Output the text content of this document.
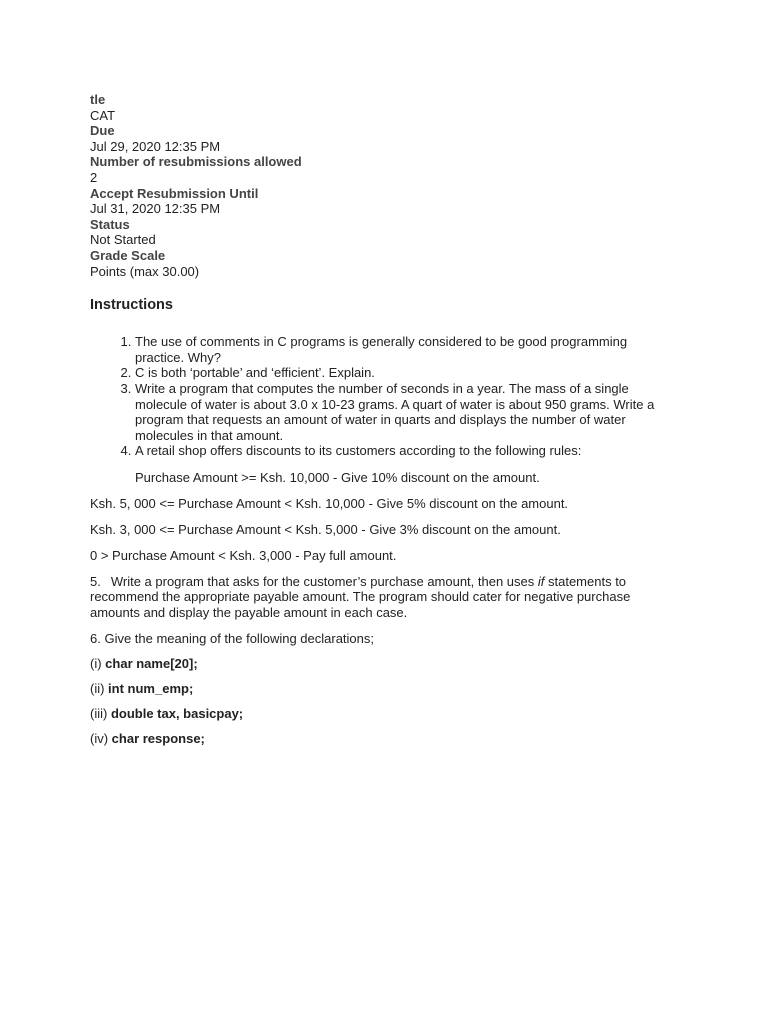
tle
CAT
Due
Jul 29, 2020 12:35 PM
Number of resubmissions allowed
2
Accept Resubmission Until
Jul 31, 2020 12:35 PM
Status
Not Started
Grade Scale
Points (max 30.00)
Instructions
1. The use of comments in C programs is generally considered to be good programming practice. Why?
2. C is both ‘portable’ and ‘efficient’. Explain.
3. Write a program that computes the number of seconds in a year. The mass of a single molecule of water is about 3.0 x 10-23 grams. A quart of water is about 950 grams. Write a program that requests an amount of water in quarts and displays the number of water molecules in that amount.
4. A retail shop offers discounts to its customers according to the following rules:
Purchase Amount >= Ksh. 10,000 - Give 10% discount on the amount.
Ksh. 5, 000 <= Purchase Amount < Ksh. 10,000 - Give 5% discount on the amount.
Ksh. 3, 000 <= Purchase Amount < Ksh. 5,000 - Give 3% discount on the amount.
0 > Purchase Amount < Ksh. 3,000 - Pay full amount.
5. Write a program that asks for the customer’s purchase amount, then uses if statements to recommend the appropriate payable amount. The program should cater for negative purchase amounts and display the payable amount in each case.
6. Give the meaning of the following declarations;
(i) char name[20];
(ii) int num_emp;
(iii) double tax, basicpay;
(iv) char response;
